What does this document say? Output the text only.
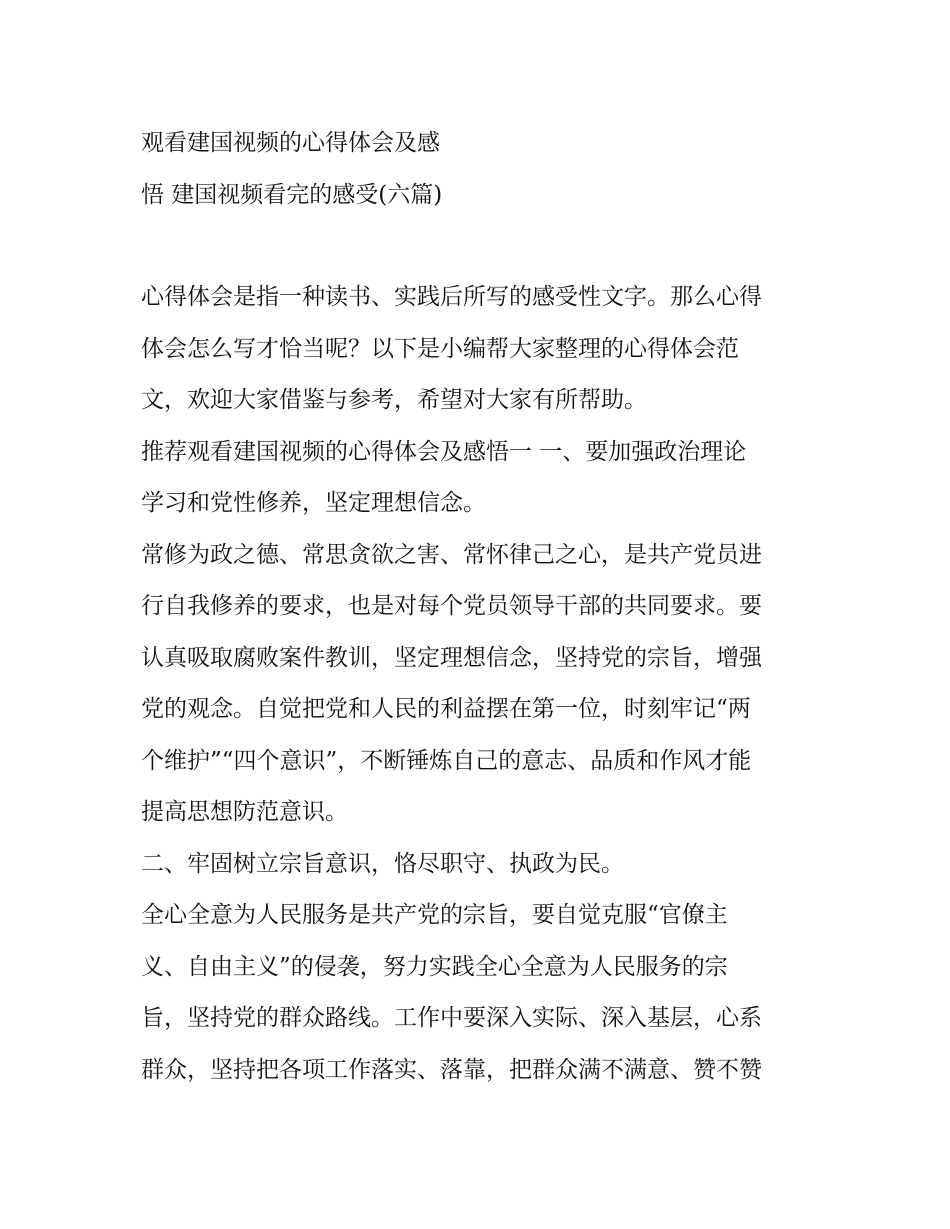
观看建国视频的心得体会及感
悟 建国视频看完的感受(六篇)
心得体会是指一种读书、实践后所写的感受性文字。那么心得
体会怎么写才恰当呢？以下是小编帮大家整理的心得体会范
文，欢迎大家借鉴与参考，希望对大家有所帮助。
推荐观看建国视频的心得体会及感悟一 一、要加强政治理论
学习和党性修养，坚定理想信念。
常修为政之德、常思贪欲之害、常怀律己之心，是共产党员进
行自我修养的要求，也是对每个党员领导干部的共同要求。要
认真吸取腐败案件教训，坚定理想信念，坚持党的宗旨，增强
党的观念。自觉把党和人民的利益摆在第一位，时刻牢记“两
个维护”“四个意识”，不断锤炼自己的意志、品质和作风才能
提高思想防范意识。
二、牢固树立宗旨意识，恪尽职守、执政为民。
全心全意为人民服务是共产党的宗旨，要自觉克服“官僚主
义、自由主义”的侵袭，努力实践全心全意为人民服务的宗
旨，坚持党的群众路线。工作中要深入实际、深入基层，心系
群众，坚持把各项工作落实、落靠，把群众满不满意、赞不赞
